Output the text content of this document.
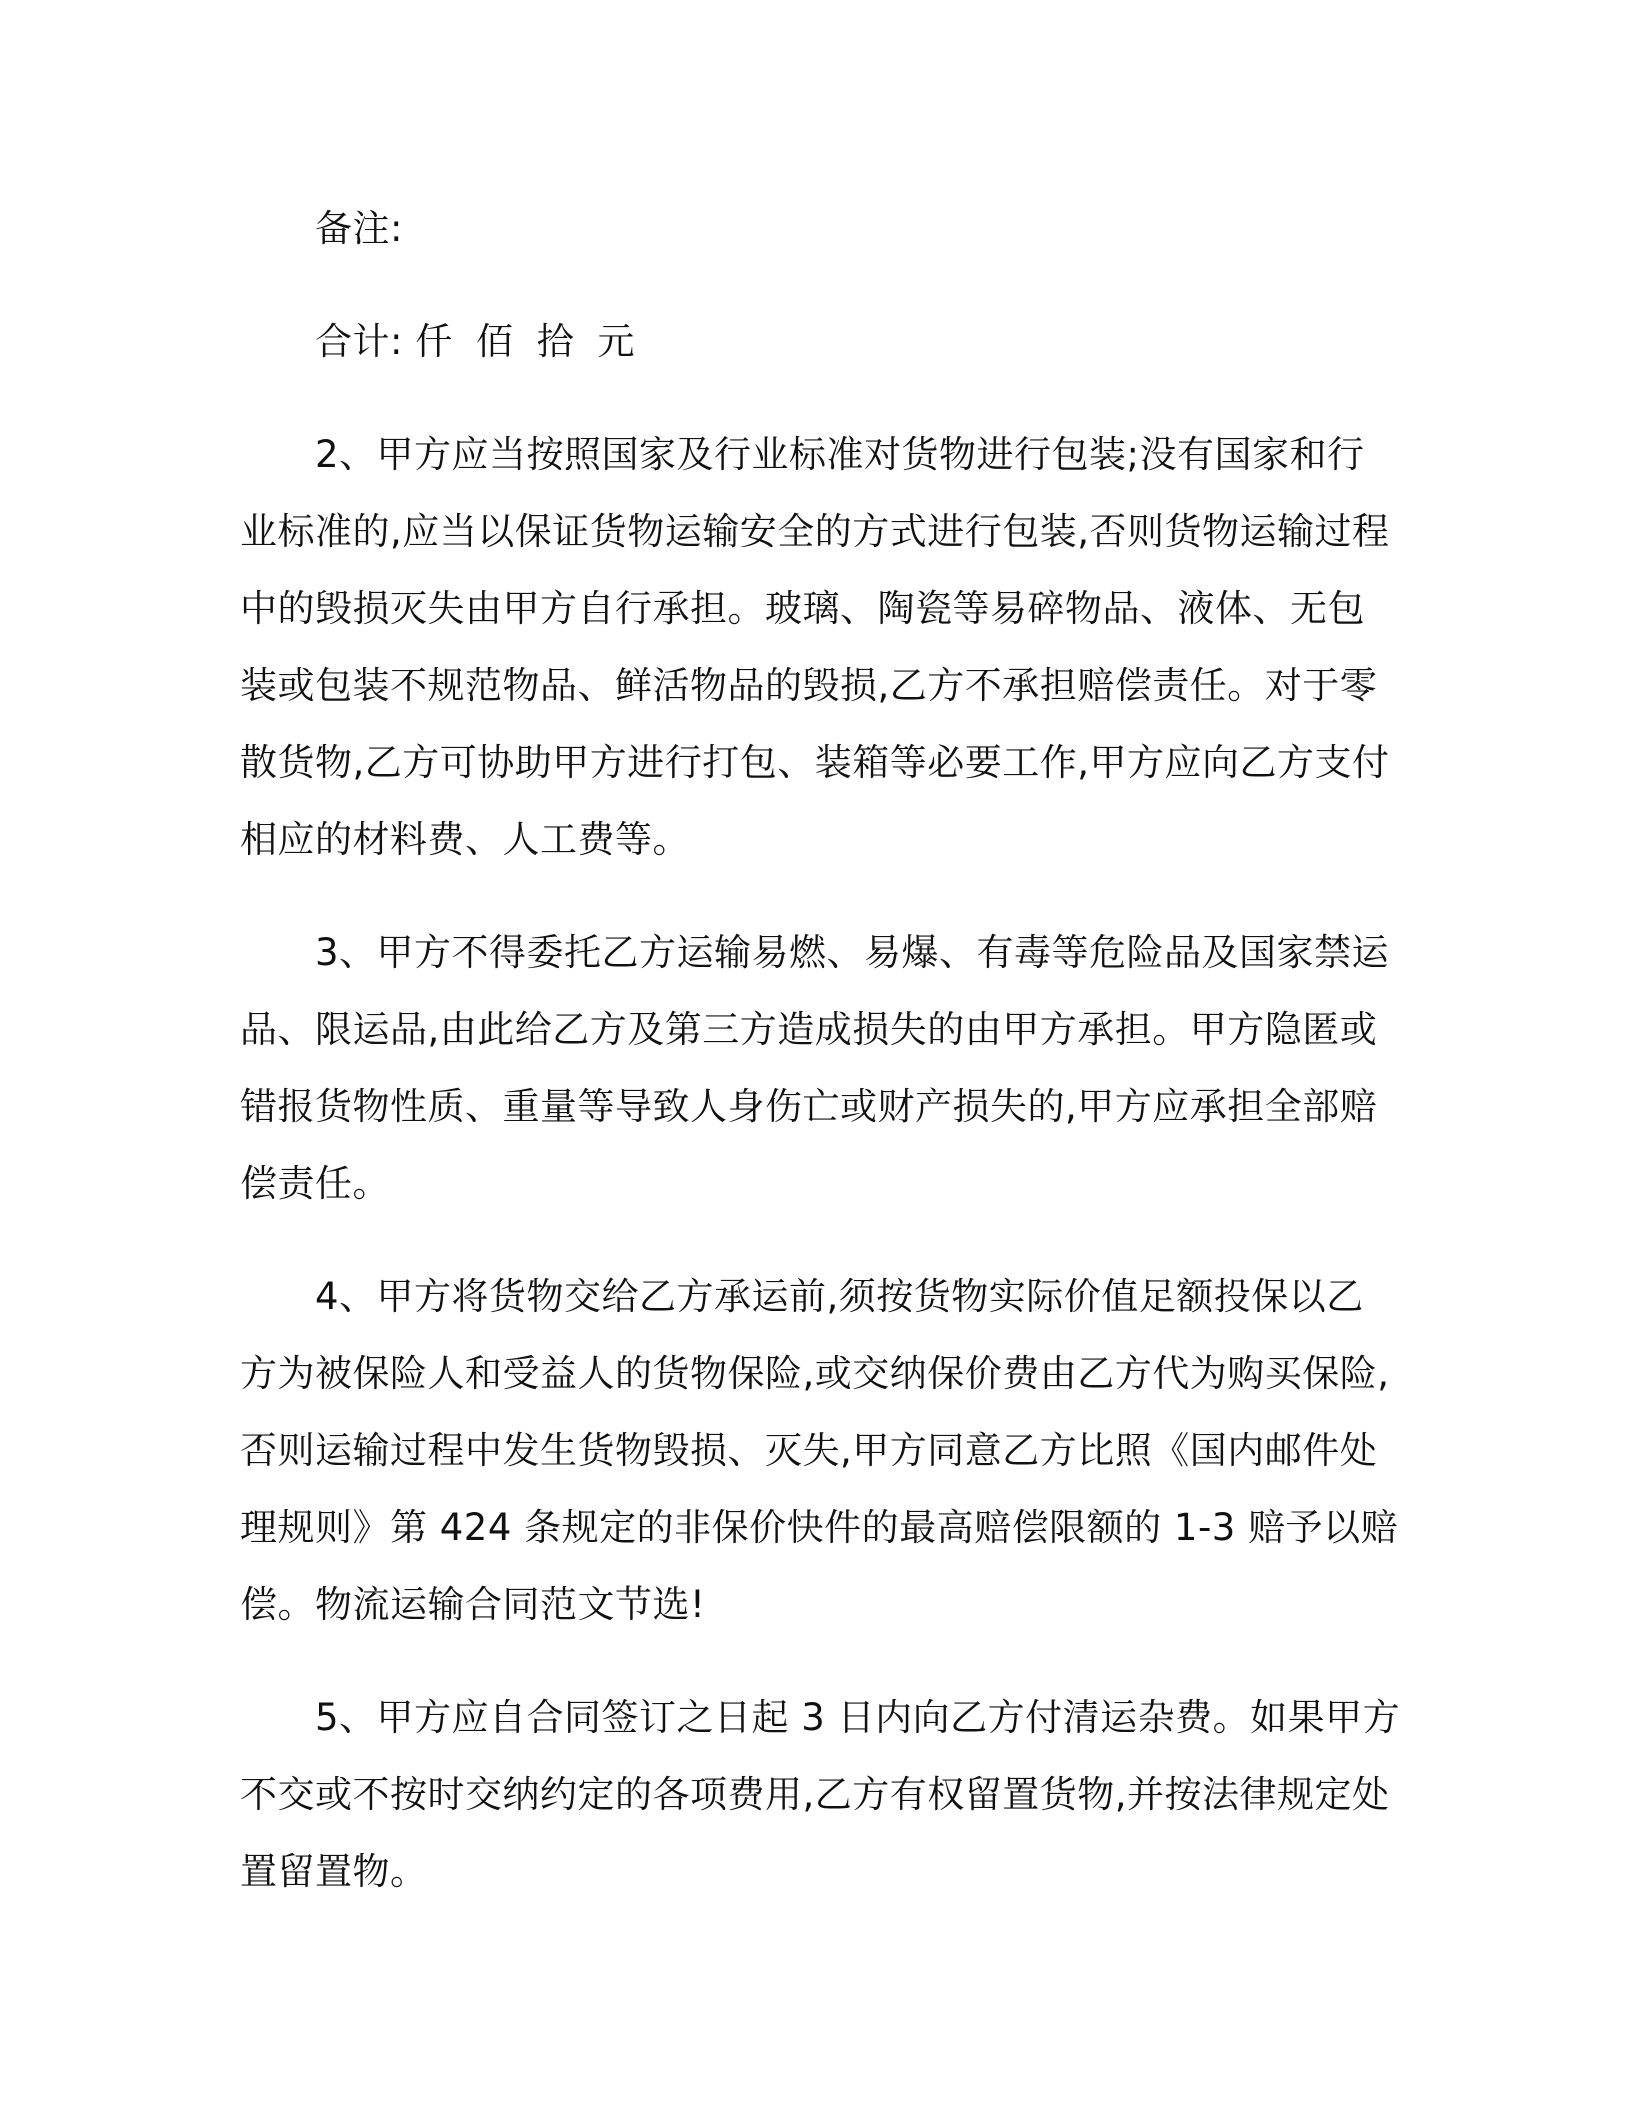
备注:
合计: 仟 佰 拾 元
2、甲方应当按照国家及行业标准对货物进行包装;没有国家和行
业标准的,应当以保证货物运输安全的方式进行包装,否则货物运输过程
中的毁损灭失由甲方自行承担。玻璃、陶瓷等易碎物品、液体、无包
装或包装不规范物品、鲜活物品的毁损,乙方不承担赔偿责任。对于零
散货物,乙方可协助甲方进行打包、装箱等必要工作,甲方应向乙方支付
相应的材料费、人工费等。
3、甲方不得委托乙方运输易燃、易爆、有毒等危险品及国家禁运
品、限运品,由此给乙方及第三方造成损失的由甲方承担。甲方隐匿或
错报货物性质、重量等导致人身伤亡或财产损失的,甲方应承担全部赔
偿责任。
4、甲方将货物交给乙方承运前,须按货物实际价值足额投保以乙
方为被保险人和受益人的货物保险,或交纳保价费由乙方代为购买保险,
否则运输过程中发生货物毁损、灭失,甲方同意乙方比照《国内邮件处
理规则》第 424 条规定的非保价快件的最高赔偿限额的 1-3 赔予以赔
偿。物流运输合同范文节选!
5、甲方应自合同签订之日起 3 日内向乙方付清运杂费。如果甲方
不交或不按时交纳约定的各项费用,乙方有权留置货物,并按法律规定处
置留置物。
